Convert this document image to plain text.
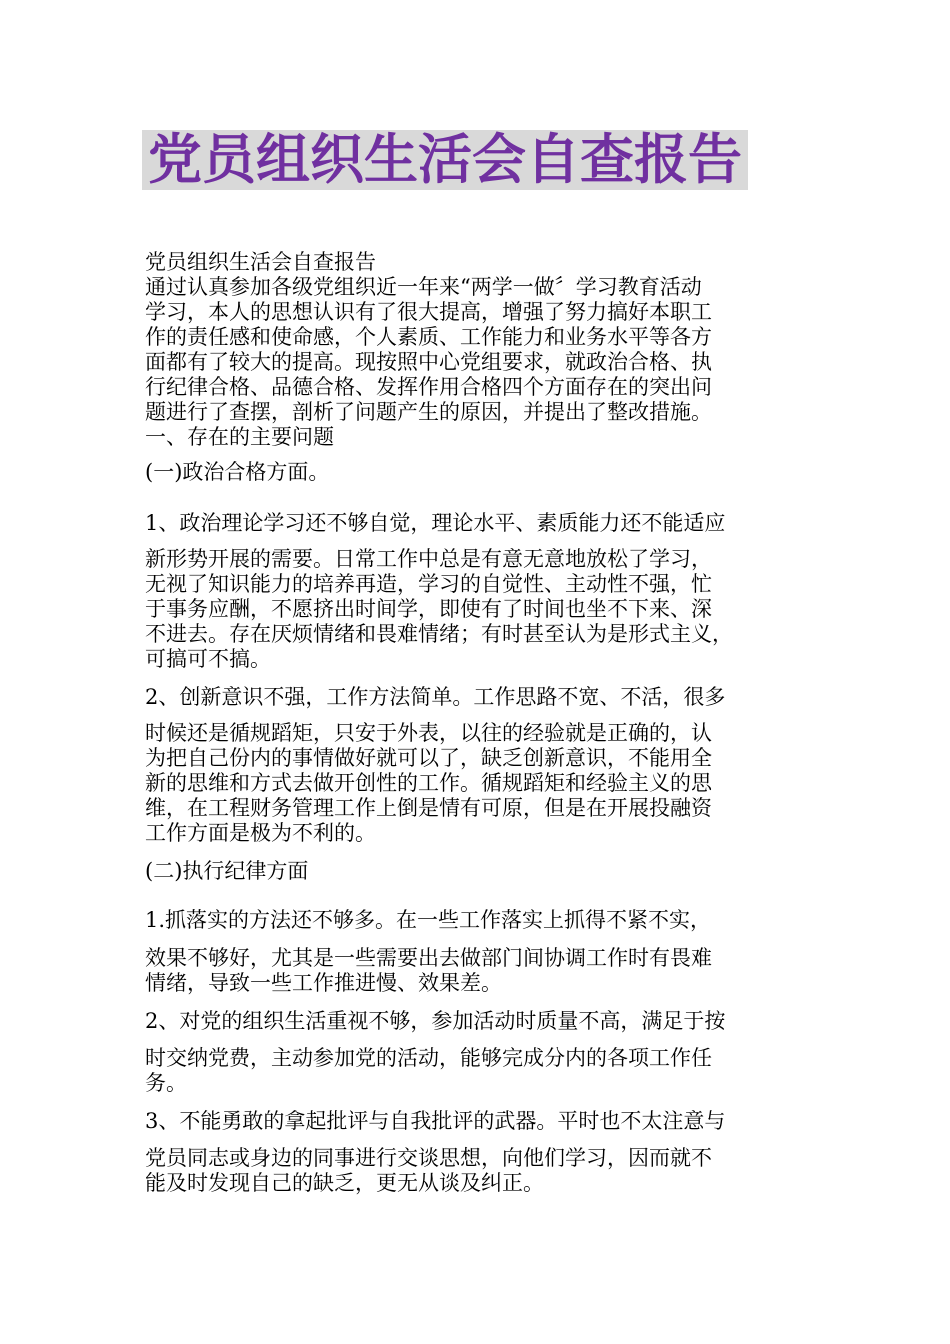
党员组织生活会自查报告
党员组织生活会自查报告
通过认真参加各级党组织近一年来“两学一做〞学习教育活动
学习，本人的思想认识有了很大提高，增强了努力搞好本职工
作的责任感和使命感，个人素质、工作能力和业务水平等各方
面都有了较大的提高。现按照中心党组要求，就政治合格、执
行纪律合格、品德合格、发挥作用合格四个方面存在的突出问
题进行了查摆，剖析了问题产生的原因，并提出了整改措施。
一、存在的主要问题
(一)政治合格方面。
1、政治理论学习还不够自觉，理论水平、素质能力还不能适应
新形势开展的需要。日常工作中总是有意无意地放松了学习，
无视了知识能力的培养再造，学习的自觉性、主动性不强，忙
于事务应酬，不愿挤出时间学，即使有了时间也坐不下来、深
不进去。存在厌烦情绪和畏难情绪；有时甚至认为是形式主义，
可搞可不搞。
2、创新意识不强，工作方法简单。工作思路不宽、不活，很多
时候还是循规蹈矩，只安于外表，以往的经验就是正确的，认
为把自己份内的事情做好就可以了，缺乏创新意识，不能用全
新的思维和方式去做开创性的工作。循规蹈矩和经验主义的思
维，在工程财务管理工作上倒是情有可原，但是在开展投融资
工作方面是极为不利的。
(二)执行纪律方面
1.抓落实的方法还不够多。在一些工作落实上抓得不紧不实，
效果不够好，尤其是一些需要出去做部门间协调工作时有畏难
情绪，导致一些工作推进慢、效果差。
2、对党的组织生活重视不够，参加活动时质量不高，满足于按
时交纳党费，主动参加党的活动，能够完成分内的各项工作任
务。
3、不能勇敢的拿起批评与自我批评的武器。平时也不太注意与
党员同志或身边的同事进行交谈思想，向他们学习，因而就不
能及时发现自己的缺乏，更无从谈及纠正。
